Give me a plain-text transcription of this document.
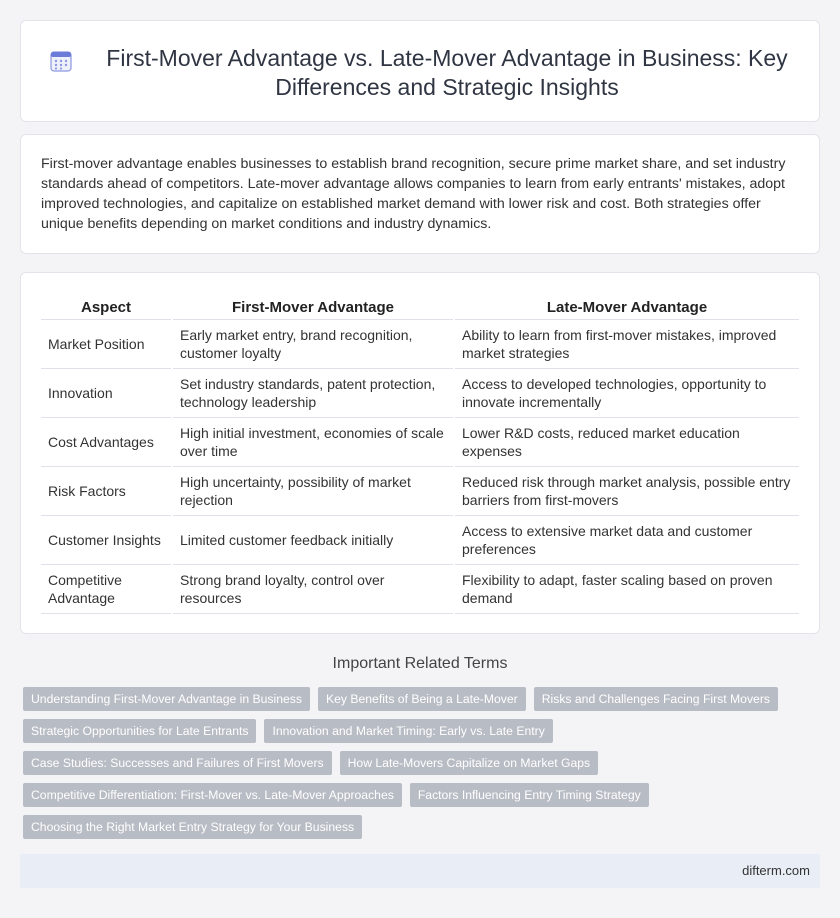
First-Mover Advantage vs. Late-Mover Advantage in Business: Key Differences and Strategic Insights

First-mover advantage enables businesses to establish brand recognition, secure prime market share, and set industry standards ahead of competitors. Late-mover advantage allows companies to learn from early entrants' mistakes, adopt improved technologies, and capitalize on established market demand with lower risk and cost. Both strategies offer unique benefits depending on market conditions and industry dynamics.

Aspect	First-Mover Advantage	Late-Mover Advantage
Market Position	Early market entry, brand recognition, customer loyalty	Ability to learn from first-mover mistakes, improved market strategies
Innovation	Set industry standards, patent protection, technology leadership	Access to developed technologies, opportunity to innovate incrementally
Cost Advantages	High initial investment, economies of scale over time	Lower R&D costs, reduced market education expenses
Risk Factors	High uncertainty, possibility of market rejection	Reduced risk through market analysis, possible entry barriers from first-movers
Customer Insights	Limited customer feedback initially	Access to extensive market data and customer preferences
Competitive Advantage	Strong brand loyalty, control over resources	Flexibility to adapt, faster scaling based on proven demand
Important Related Terms
Understanding First-Mover Advantage in Business	Key Benefits of Being a Late-Mover	Risks and Challenges Facing First Movers
Strategic Opportunities for Late Entrants	Innovation and Market Timing: Early vs. Late Entry
Case Studies: Successes and Failures of First Movers	How Late-Movers Capitalize on Market Gaps
Competitive Differentiation: First-Mover vs. Late-Mover Approaches	Factors Influencing Entry Timing Strategy
Choosing the Right Market Entry Strategy for Your Business
difterm.com
